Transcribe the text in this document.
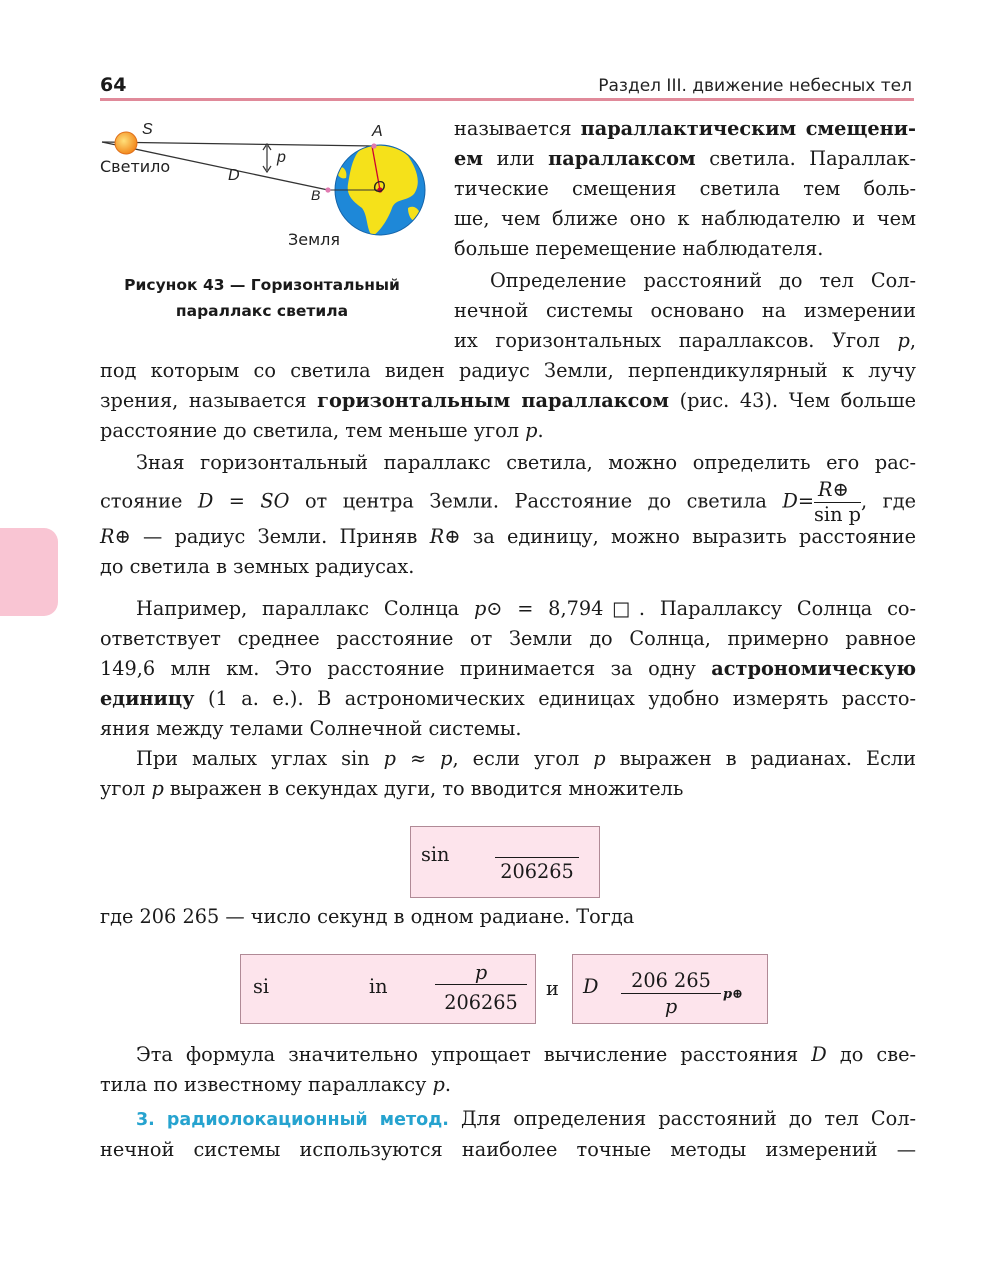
64	Раздел III. движение небесных тел
S	A
p
D
B	O
Светило
Земля
Рисунок 43 — Горизонтальный
параллакс светила
называется параллактическим смещени-
ем или параллаксом светила. Параллак-
тические смещения светила тем боль-
ше, чем ближе оно к наблюдателю и чем
больше перемещение наблюдателя.
Определение расстояний до тел Сол-
нечной системы основано на измерении
их горизонтальных параллаксов. Угол p,
под которым со светила виден радиус Земли, перпендикулярный к лучу
зрения, называется горизонтальным параллаксом (рис. 43). Чем больше
расстояние до светила, тем меньше угол p.
Зная горизонтальный параллакс светила, можно определить его рас-
стояние D = SO от центра Земли. Расстояние до светила $D= \frac{R\oplus}{\text{sin p}}$ , где
R⊕ — радиус Земли. Приняв R⊕ за единицу, можно выразить расстояние
до светила в земных радиусах.
Например, параллакс Солнца p⊙ = 8,794□. Параллаксу Солнца со-
ответствует среднее расстояние от Земли до Солнца, примерно равное
149,6 млн км. Это расстояние принимается за одну астрономическую
единицу (1 а. е.). В астрономических единицах удобно измерять рассто-
яния между телами Солнечной системы.
При малых углах sin p ≈ p, если угол p выражен в радианах. Если
угол p выражен в секундах дуги, то вводится множитель
sin
206265
где 206 265 — число секунд в одном радиане. Тогда
si	in
p
206265
и D	206 265
p
p⊕
Эта формула значительно упрощает вычисление расстояния D до све-
тила по известному параллаксу p.
3. радиолокационный метод. Для определения расстояний до тел Сол-
нечной системы используются наиболее точные методы измерений —
